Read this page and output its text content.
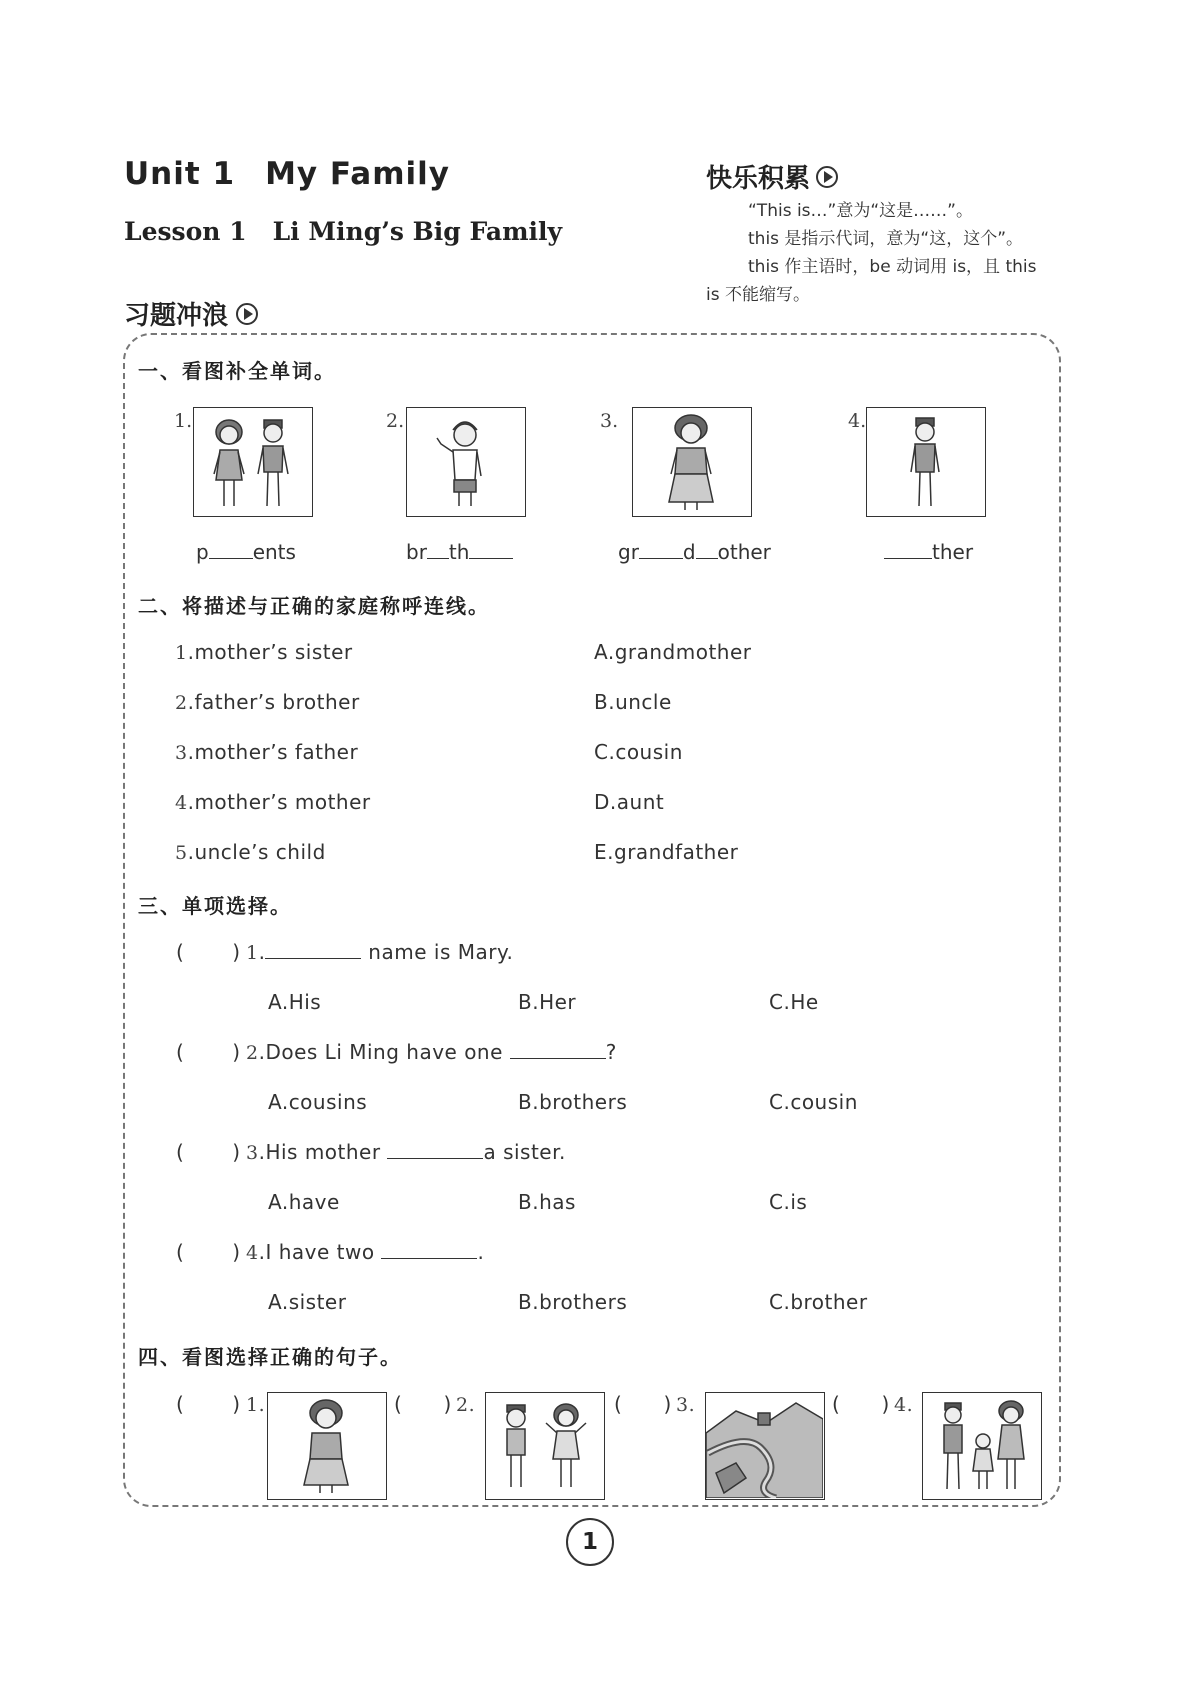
Unit 1 My Family
Lesson 1 Li Ming’s Big Family
快乐积累
“This is…”意为“这是……”。
this 是指示代词，意为“这，这个”。
this 作主语时，be 动词用 is，且 this
is 不能缩写。
习题冲浪
一、看图补全单词。
1.	2.	3.	4.
p ents	br th	gr d other	ther
二、将描述与正确的家庭称呼连线。
1.mother’s sister
2.father’s brother
3.mother’s father
4.mother’s mother
5.uncle’s child
A.grandmother
B.uncle
C.cousin
D.aunt
E.grandfather
三、单项选择。
(       ) 1.	name is Mary.
A.His	B.Her	C.He
(       ) 2.Does Li Ming have one	?
A.cousins	B.brothers	C.cousin
(       ) 3.His mother	a sister.
A.have	B.has	C.is
(       ) 4.I have two	.
A.sister	B.brothers	C.brother
四、看图选择正确的句子。
(       ) 1.	(      ) 2.	(      ) 3.	(      ) 4.
1
